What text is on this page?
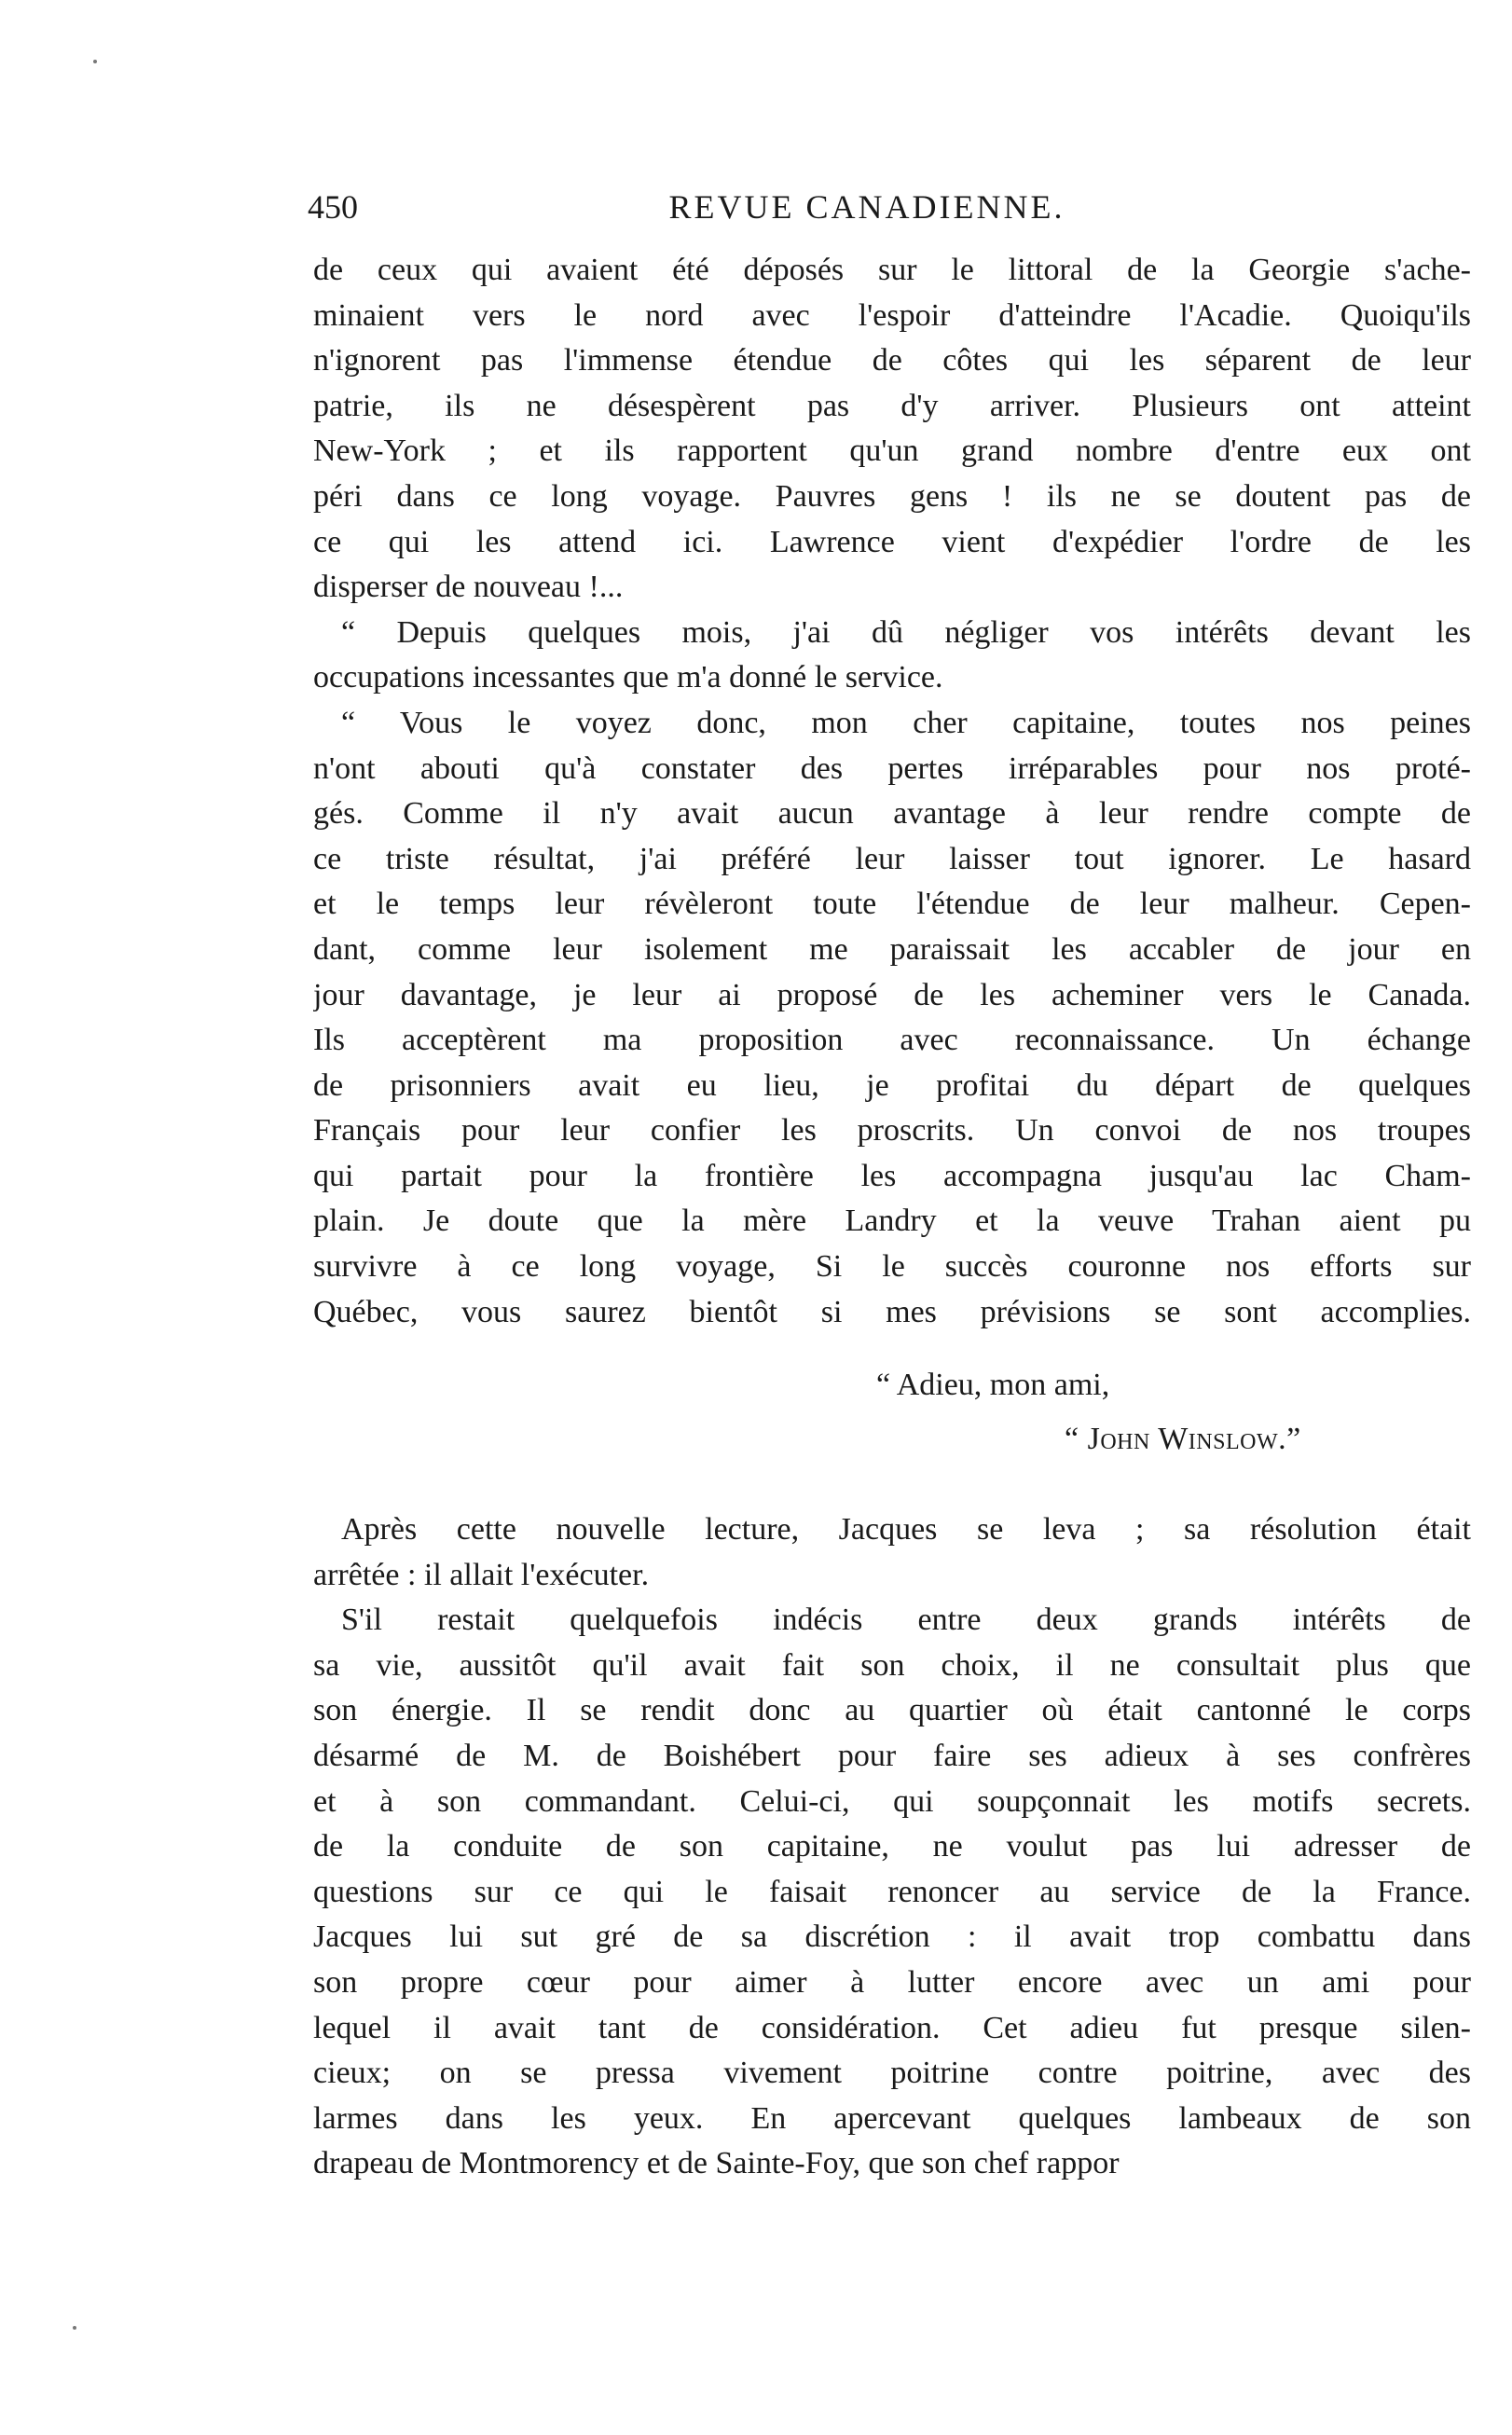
450	REVUE CANADIENNE.
de ceux qui avaient été déposés sur le littoral de la Georgie s'ache-
minaient vers le nord avec l'espoir d'atteindre l'Acadie. Quoiqu'ils
n'ignorent pas l'immense étendue de côtes qui les séparent de leur
patrie, ils ne désespèrent pas d'y arriver. Plusieurs ont atteint
New-York ; et ils rapportent qu'un grand nombre d'entre eux ont
péri dans ce long voyage. Pauvres gens ! ils ne se doutent pas de
ce qui les attend ici. Lawrence vient d'expédier l'ordre de les
disperser de nouveau !...
“ Depuis quelques mois, j'ai dû négliger vos intérêts devant les
occupations incessantes que m'a donné le service.
“ Vous le voyez donc, mon cher capitaine, toutes nos peines
n'ont abouti qu'à constater des pertes irréparables pour nos proté-
gés. Comme il n'y avait aucun avantage à leur rendre compte de
ce triste résultat, j'ai préféré leur laisser tout ignorer. Le hasard
et le temps leur révèleront toute l'étendue de leur malheur. Cepen-
dant, comme leur isolement me paraissait les accabler de jour en
jour davantage, je leur ai proposé de les acheminer vers le Canada.
Ils acceptèrent ma proposition avec reconnaissance. Un échange
de prisonniers avait eu lieu, je profitai du départ de quelques
Français pour leur confier les proscrits. Un convoi de nos troupes
qui partait pour la frontière les accompagna jusqu'au lac Cham-
plain. Je doute que la mère Landry et la veuve Trahan aient pu
survivre à ce long voyage, Si le succès couronne nos efforts sur
Québec, vous saurez bientôt si mes prévisions se sont accomplies.
“ Adieu, mon ami,
“ John Winslow.”
Après cette nouvelle lecture, Jacques se leva ; sa résolution était
arrêtée : il allait l'exécuter.
S'il restait quelquefois indécis entre deux grands intérêts de
sa vie, aussitôt qu'il avait fait son choix, il ne consultait plus que
son énergie. Il se rendit donc au quartier où était cantonné le corps
désarmé de M. de Boishébert pour faire ses adieux à ses confrères
et à son commandant. Celui-ci, qui soupçonnait les motifs secrets.
de la conduite de son capitaine, ne voulut pas lui adresser de
questions sur ce qui le faisait renoncer au service de la France.
Jacques lui sut gré de sa discrétion : il avait trop combattu dans
son propre cœur pour aimer à lutter encore avec un ami pour
lequel il avait tant de considération. Cet adieu fut presque silen-
cieux; on se pressa vivement poitrine contre poitrine, avec des
larmes dans les yeux. En apercevant quelques lambeaux de son
drapeau de Montmorency et de Sainte-Foy, que son chef rappor
